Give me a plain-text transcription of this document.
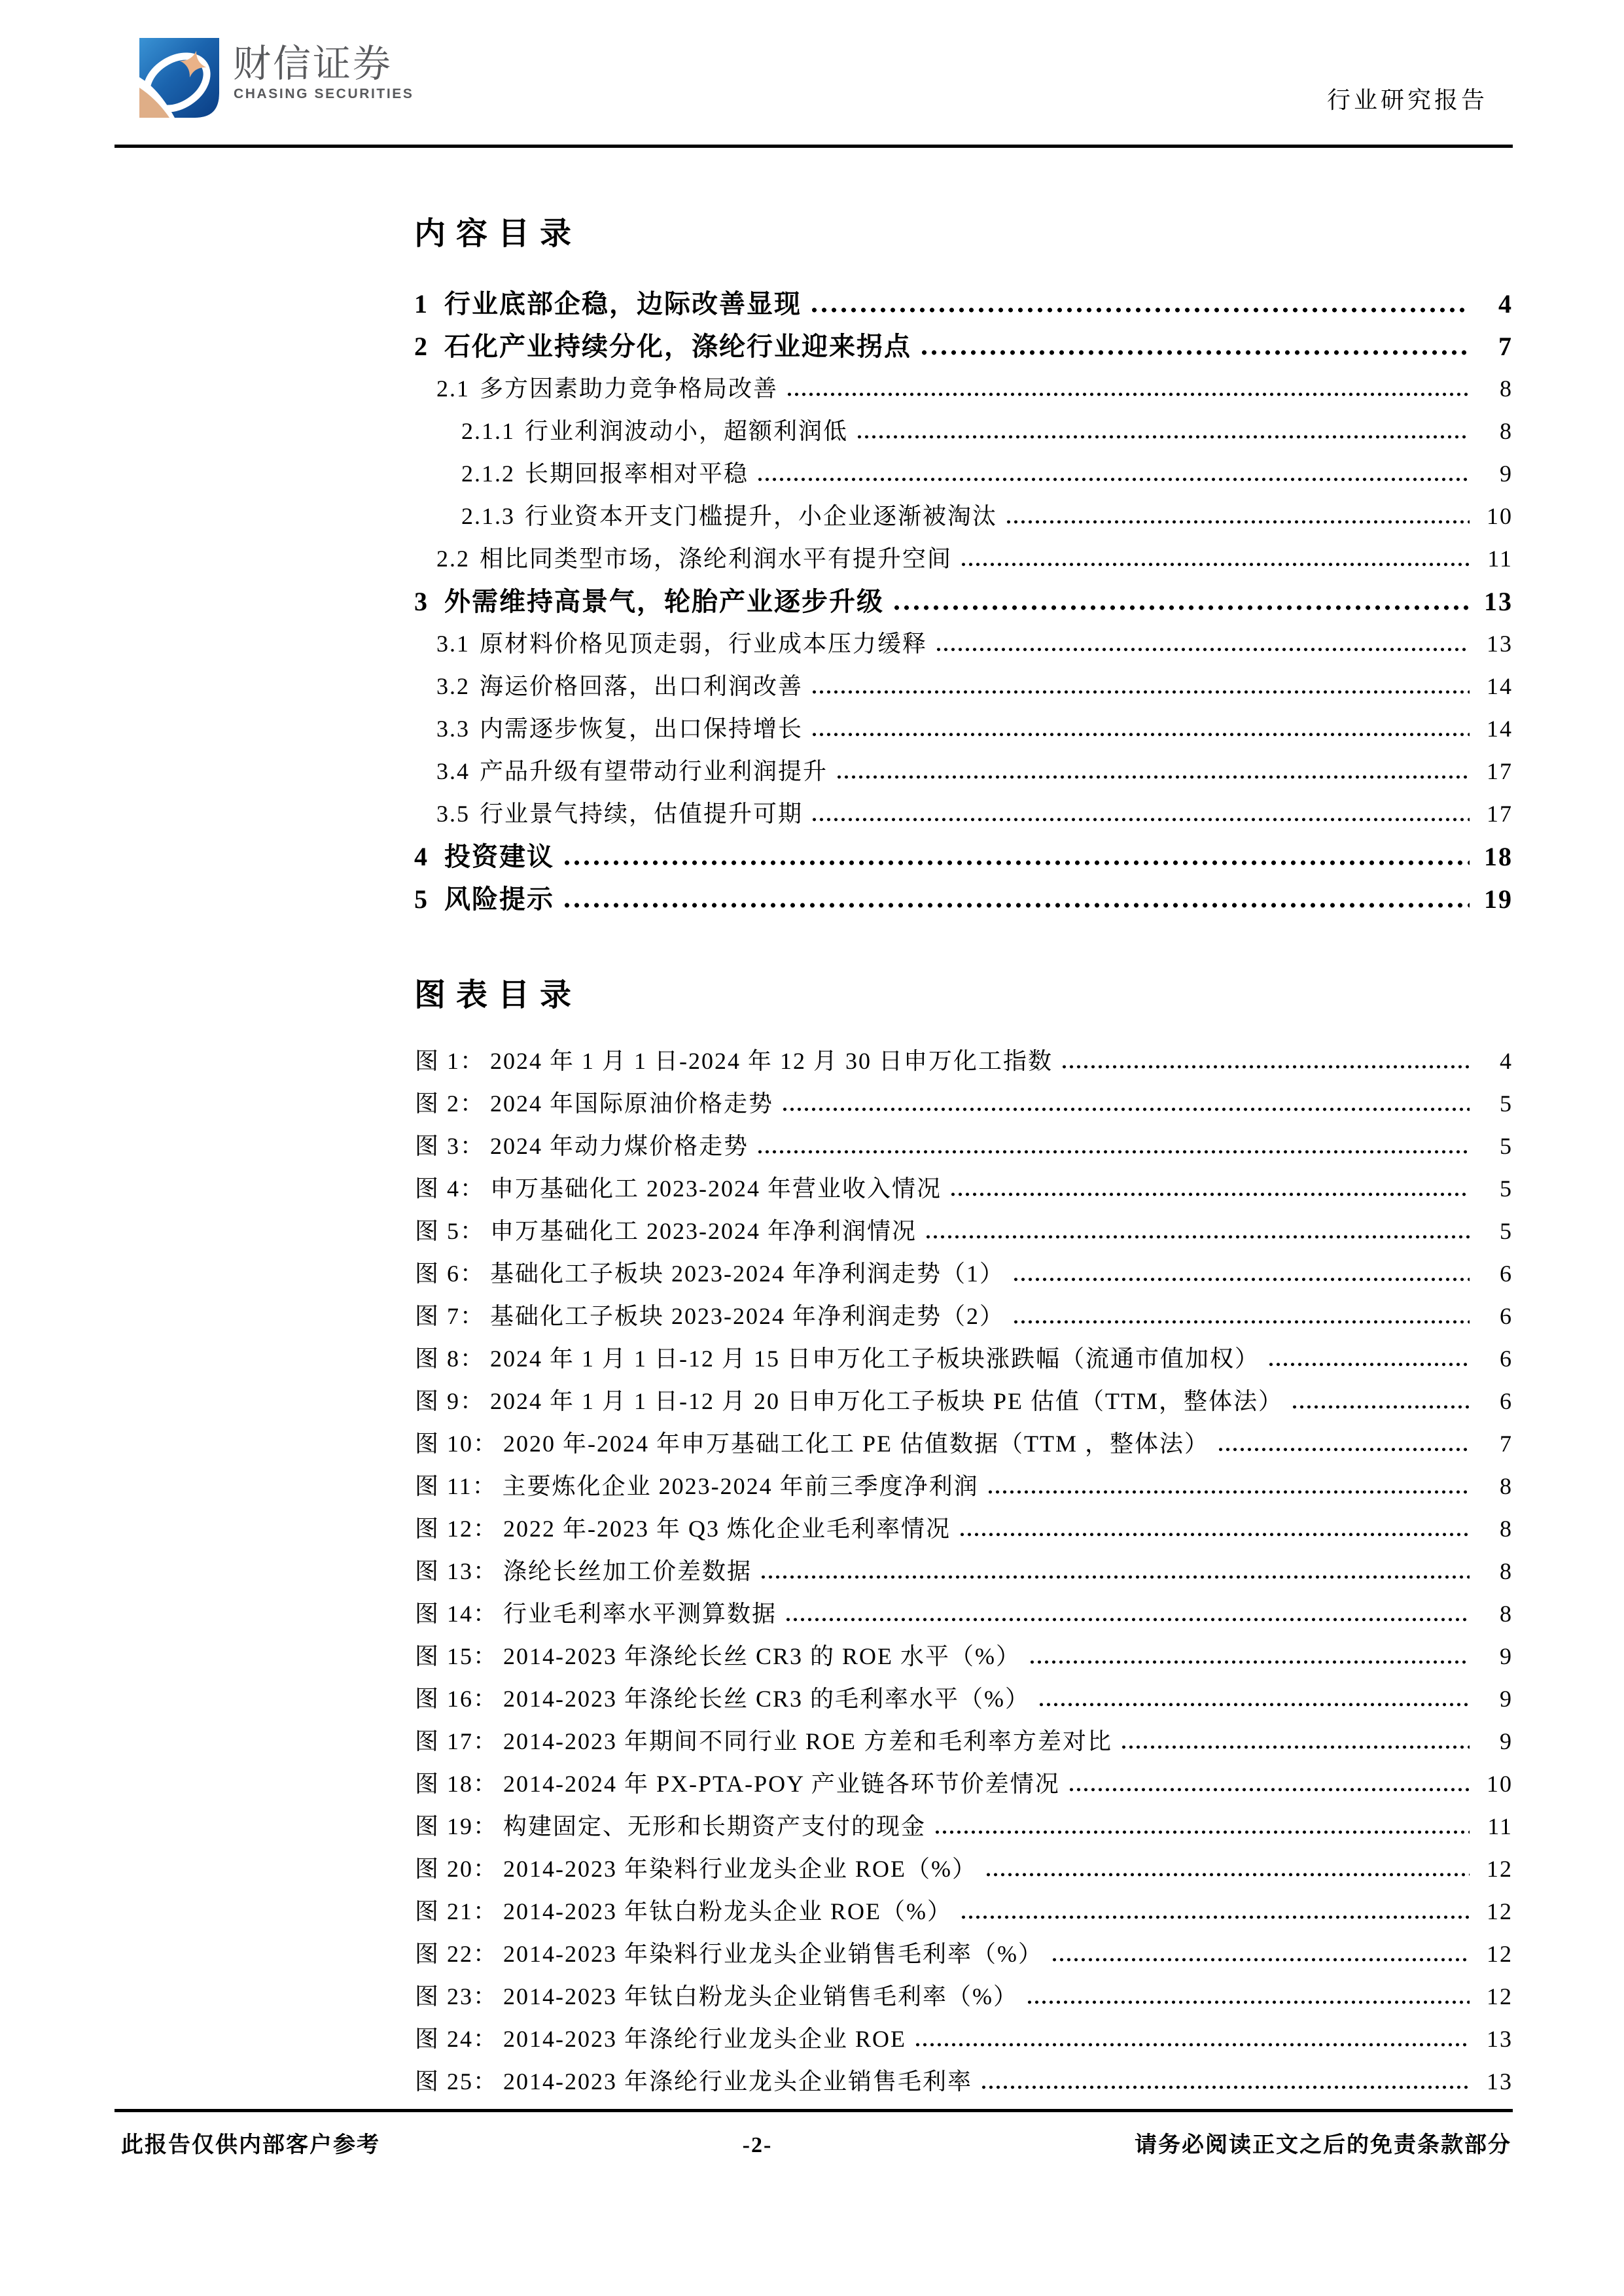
财信证券
CHASING SECURITIES	行业研究报告
内容目录
1 行业底部企稳，边际改善显现	4
2 石化产业持续分化，涤纶行业迎来拐点	7
2.1 多方因素助力竞争格局改善	8
2.1.1 行业利润波动小，超额利润低	8
2.1.2 长期回报率相对平稳	9
2.1.3 行业资本开支门槛提升，小企业逐渐被淘汰	10
2.2 相比同类型市场，涤纶利润水平有提升空间	11
3 外需维持高景气，轮胎产业逐步升级	13
3.1 原材料价格见顶走弱，行业成本压力缓释	13
3.2 海运价格回落，出口利润改善	14
3.3 内需逐步恢复，出口保持增长	14
3.4 产品升级有望带动行业利润提升	17
3.5 行业景气持续，估值提升可期	17
4 投资建议	18
5 风险提示	19
图表目录
图 1： 2024 年 1 月 1 日-2024 年 12 月 30 日申万化工指数	4
图 2： 2024 年国际原油价格走势	5
图 3： 2024 年动力煤价格走势	5
图 4： 申万基础化工 2023-2024 年营业收入情况	5
图 5： 申万基础化工 2023-2024 年净利润情况	5
图 6： 基础化工子板块 2023-2024 年净利润走势（1）	6
图 7： 基础化工子板块 2023-2024 年净利润走势（2）	6
图 8： 2024 年 1 月 1 日-12 月 15 日申万化工子板块涨跌幅（流通市值加权）	6
图 9： 2024 年 1 月 1 日-12 月 20 日申万化工子板块 PE 估值（TTM，整体法）	6
图 10： 2020 年-2024 年申万基础工化工 PE 估值数据（TTM ，整体法）	7
图 11： 主要炼化企业 2023-2024 年前三季度净利润	8
图 12： 2022 年-2023 年 Q3 炼化企业毛利率情况	8
图 13： 涤纶长丝加工价差数据	8
图 14： 行业毛利率水平测算数据	8
图 15： 2014-2023 年涤纶长丝 CR3 的 ROE 水平（%）	9
图 16： 2014-2023 年涤纶长丝 CR3 的毛利率水平（%）	9
图 17： 2014-2023 年期间不同行业 ROE 方差和毛利率方差对比	9
图 18： 2014-2024 年 PX-PTA-POY 产业链各环节价差情况	10
图 19： 构建固定、无形和长期资产支付的现金	11
图 20： 2014-2023 年染料行业龙头企业 ROE（%）	12
图 21： 2014-2023 年钛白粉龙头企业 ROE（%）	12
图 22： 2014-2023 年染料行业龙头企业销售毛利率（%）	12
图 23： 2014-2023 年钛白粉龙头企业销售毛利率（%）	12
图 24： 2014-2023 年涤纶行业龙头企业 ROE	13
图 25： 2014-2023 年涤纶行业龙头企业销售毛利率	13
此报告仅供内部客户参考	-2-	请务必阅读正文之后的免责条款部分
